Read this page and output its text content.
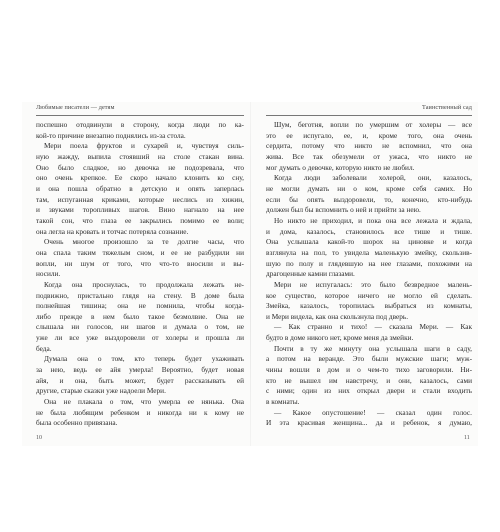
Любимые писатели — детям	Таинственный сад
поспешно отодвинули в сторону, когда люди по ка-
кой-то причине внезапно поднялись из-за стола.
Мери поела фруктов и сухарей и, чувствуя силь-
ную жажду, выпила стоявший на столе стакан вина.
Оно было сладкое, но девочка не подозревала, что
оно очень крепкое. Ее скоро начало клонить ко сну,
и она пошла обратно в детскую и опять заперлась
там, испуганная криками, которые неслись из хижин,
и звуками торопливых шагов. Вино нагнало на нее
такой сон, что глаза ее закрылись помимо ее воли;
она легла на кровать и тотчас потеряла сознание.
Очень многое произошло за те долгие часы, что
она спала таким тяжелым сном, и ее не разбудили ни
вопли, ни шум от того, что что-то вносили и вы-
носили.
Когда она проснулась, то продолжала лежать не-
подвижно, пристально глядя на стену. В доме была
полнейшая тишина; она не помнила, чтобы когда-
либо прежде в нем было такое безмолвие. Она не
слышала ни голосов, ни шагов и думала о том, не
уже ли все уже выздоровели от холеры и прошла ли
беда.
Думала она о том, кто теперь будет ухаживать
за нею, ведь ее айя умерла! Вероятно, будет новая
айя, и она, быть может, будет рассказывать ей
другие, старые сказки уже надоели Мери.
Она не плакала о том, что умерла ее нянька. Она
не была любящим ребенком и никогда ни к кому не
была особенно привязана.
Шум, беготня, вопли по умершим от холеры — все
это ее испугало, ее, и, кроме того, она очень
сердита, потому что никто не вспомнил, что она
жива. Все так обезумели от ужаса, что никто не
мог думать о девочке, которую никто не любил.
Когда люди заболевали холерой, они, казалось,
не могли думать ни о ком, кроме себя самих. Но
если бы опять выздоровели, то, конечно, кто-нибудь
должен был бы вспомнить о ней и прийти за нею.
Но никто не приходил, и пока она все лежала и ждала,
и дома, казалось, становилось все тише и тише.
Она услышала какой-то шорох на циновке и когда
взглянула на пол, то увидела маленькую змейку, скользив-
шую по полу и глядевшую на нее глазами, похожими на
драгоценные камни глазами.
Мери не испугалась: это было безвредное малень-
кое существо, которое ничего не могло ей сделать.
Змейка, казалось, торопилась выбраться из комнаты,
и Мери видела, как она скользнула под дверь.
— Как странно и тихо! — сказала Мери. — Как
будто в доме никого нет, кроме меня да змейки.
Почти в ту же минуту она услышала шаги в саду,
а потом на веранде. Это были мужские шаги; муж-
чины вошли в дом и о чем-то тихо заговорили. Ни-
кто не вышел им навстречу, и они, казалось, сами
с ними; один из них открыл двери и стали входить
в комнаты.
— Какое опустошение! — сказал один голос.
И эта красивая женщина... да и ребенок, я думаю,
10	11
